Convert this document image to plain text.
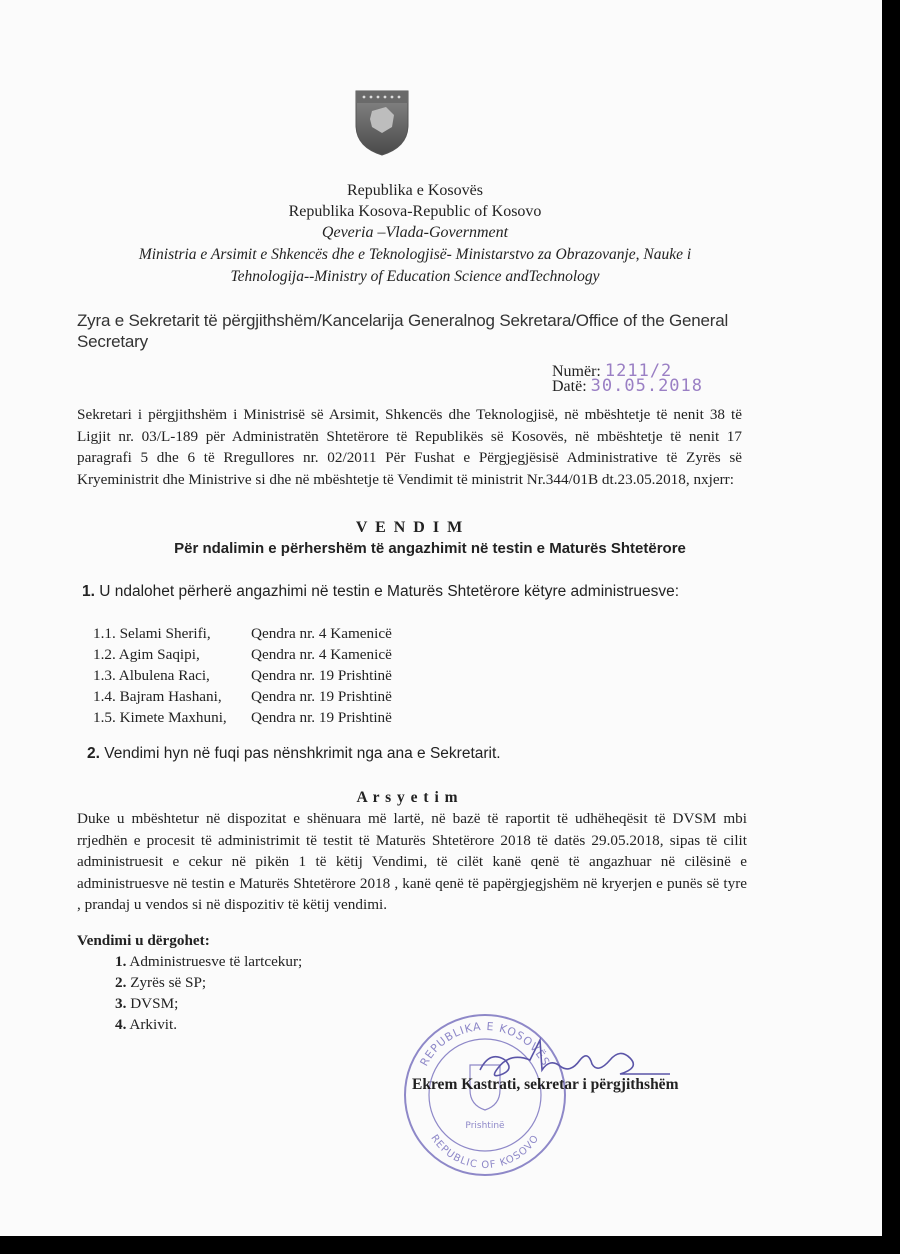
Republika e Kosovës
Republika Kosova-Republic of Kosovo
Qeveria –Vlada-Government
Ministria e Arsimit e Shkencës dhe e Teknologjisë- Ministarstvo za Obrazovanje, Nauke i
Tehnologija--Ministry of Education Science andTechnology
Zyra e Sekretarit të përgjithshëm/Kancelarija Generalnog Sekretara/Office of the General Secretary
Numër: 1211/2
Datë: 30.05.2018
Sekretari i përgjithshëm i Ministrisë së Arsimit, Shkencës dhe Teknologjisë, në mbështetje të nenit 38 të Ligjit nr. 03/L-189 për Administratën Shtetërore të Republikës së Kosovës, në mbështetje të nenit 17 paragrafi 5 dhe 6 të Rregullores nr. 02/2011 Për Fushat e Përgjegjësisë Administrative të Zyrës së Kryeministrit dhe Ministrive si dhe në mbështetje të Vendimit të ministrit Nr.344/01B dt.23.05.2018, nxjerr:
V E N D I M
Për ndalimin e përhershëm të angazhimit në testin e Maturës Shtetërore
1. U ndalohet përherë angazhimi në testin e Maturës Shtetërore këtyre administruesve:
1.1. Selami Sherifi,	Qendra nr. 4 Kamenicë
1.2. Agim Saqipi,	Qendra nr. 4 Kamenicë
1.3. Albulena Raci,	Qendra nr. 19 Prishtinë
1.4. Bajram Hashani, Qendra nr. 19 Prishtinë
1.5. Kimete Maxhuni, Qendra nr. 19 Prishtinë
2. Vendimi hyn në fuqi pas nënshkrimit nga ana e Sekretarit.
A r s y e t i m
Duke u mbështetur në dispozitat e shënuara më lartë, në bazë të raportit të udhëheqësit të DVSM mbi rrjedhën e procesit të administrimit të testit të Maturës Shtetërore 2018 të datës 29.05.2018, sipas të cilit administruesit e cekur në pikën 1 të këtij Vendimi, të cilët kanë qenë të angazhuar në cilësinë e administruesve në testin e Maturës Shtetërore 2018 , kanë qenë të papërgjegjshëm në kryerjen e punës së tyre , prandaj u vendos si në dispozitiv të këtij vendimi.
Vendimi u dërgohet:
1. Administruesve të lartcekur;
2. Zyrës së SP;
3. DVSM;
4. Arkivit.
REPUBLIKA E KOSOVËS
REPUBLIC OF KOSOVO
Prishtinë
Ekrem Kastrati, sekretar i përgjithshëm
